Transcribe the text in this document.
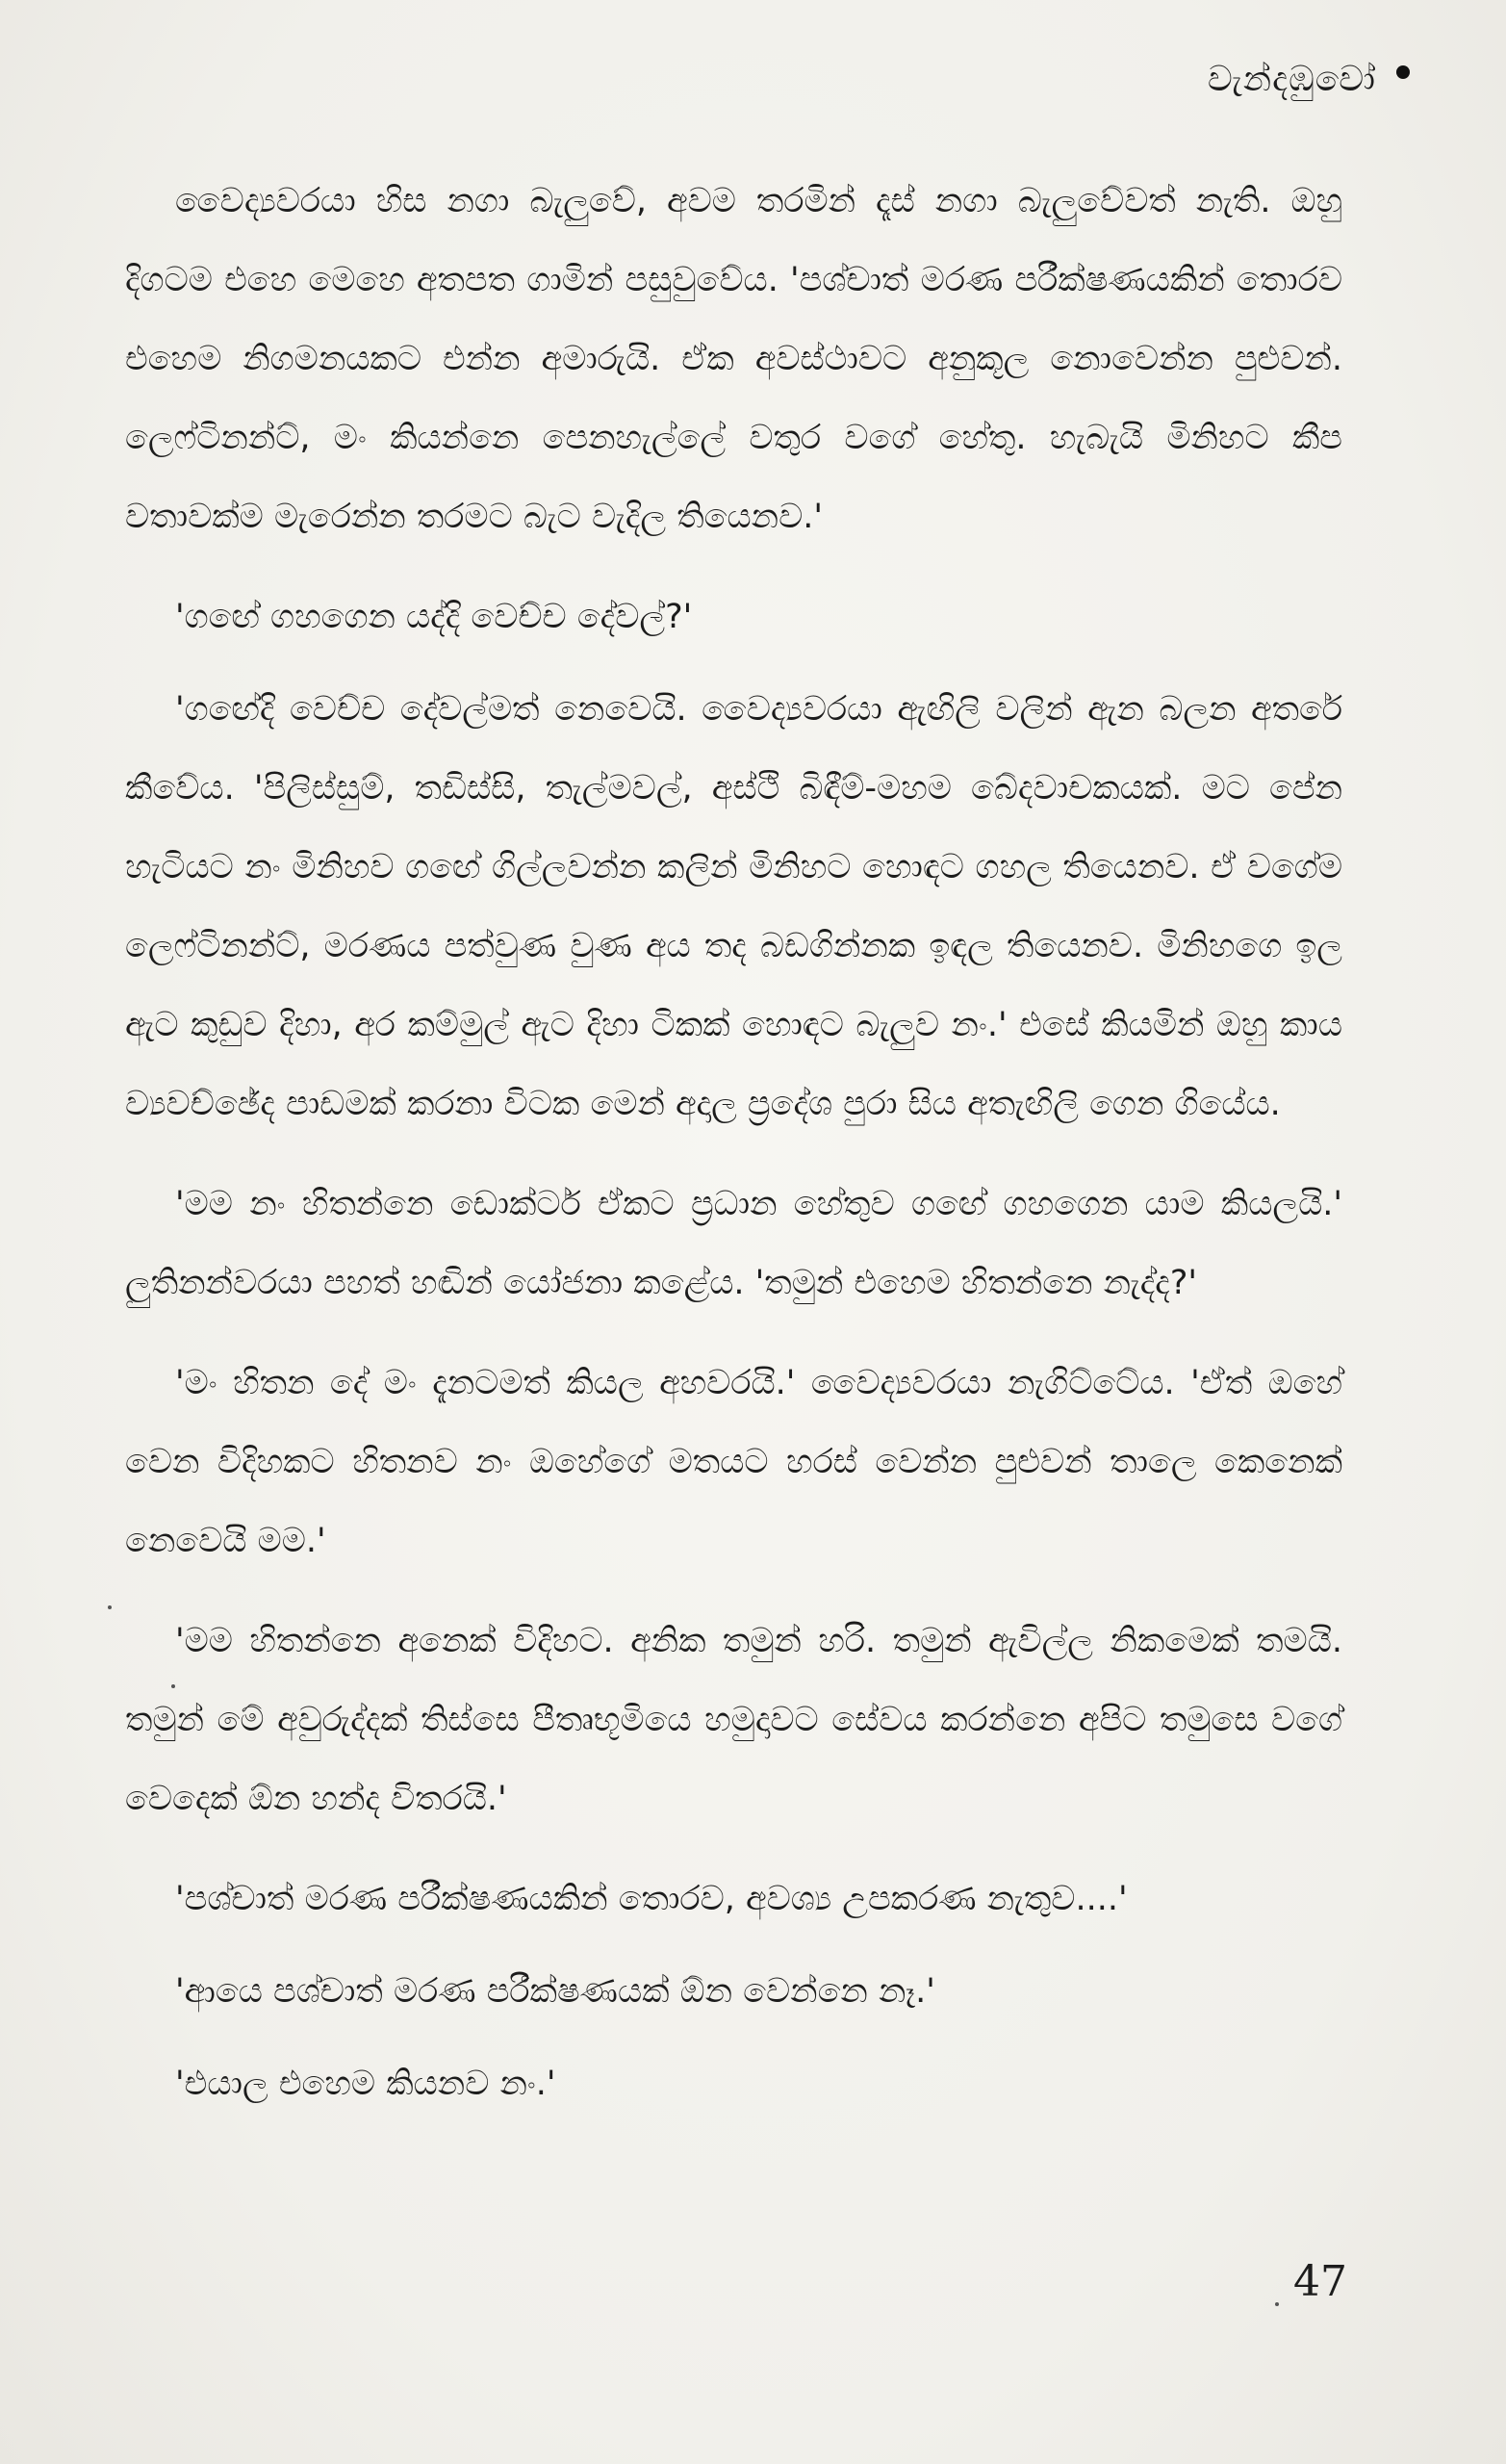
වැන්දඹුවෝ

වෛද්‍යවරයා හිස නගා බැලුවේ, අවම තරමින් දෑස් නගා බැලුවේවත් නැති. ඔහු දිගටම එහෙ මෙහෙ අතපත ගාමින් පසුවුවේය. 'පශ්චාත් මරණ පරීක්ෂණයකින් තොරව එහෙම නිගමනයකට එන්න අමාරුයි. ඒක අවස්ථාවට අනුකූල නොවෙන්න පුළුවන්. ලෙෆ්ටිනන්ට්, මං කියන්නෙ පෙනහැල්ලේ වතුර වගේ හේතු. හැබැයි මිනිහට කීප වතාවක්ම මැරෙන්න තරමට බැට වැදිල තියෙනව.'

'ගඟේ ගහගෙන යද්දි වෙච්ච දේවල්?'

'ගඟේදි වෙච්ච දේවල්මත් නෙවෙයි. වෛද්‍යවරයා ඇඟිලි වලින් ඇන බලන අතරේ කීවේය. 'පිලිස්සුම්, තඩිස්සි, තැල්මවල්, අස්ථි බිඳීම්-මහම බේදවාචකයක්. මට පේන හැටියට නං මිනිහව ගඟේ ගිල්ලවන්න කලින් මිනිහට හොඳට ගහල තියෙනව. ඒ වගේම ලෙෆ්ටිනන්ට්, මරණය පත්වුණ වුණ අය තද බඩගින්නක ඉඳල තියෙනව. මිනිහගෙ ඉල ඇට කුඩුව දිහා, අර කම්මුල් ඇට දිහා ටිකක් හොඳට බැලුව නං.' එසේ කියමින් ඔහු කාය ව්‍යවච්ඡේද පාඩමක් කරනා විටක මෙන් අදාල ප්‍රදේශ පුරා සිය අතැඟිලි ගෙන ගියේය.

'මම නං හිතන්නෙ ඩොක්ටර් ඒකට ප්‍රධාන හේතුව ගඟේ ගහගෙන යාම කියලයි.' ලුතිනන්වරයා පහත් හඬින් යෝජනා කළේය. 'තමුන් එහෙම හිතන්නෙ නැද්ද?'

'මං හිතන දේ මං දැනටමත් කියල අහවරයි.' වෛද්‍යවරයා නැගිට්ටේය. 'ඒත් ඔහේ වෙන විදිහකට හිතනව නං ඔහේගේ මතයට හරස් වෙන්න පුළුවන් තාලෙ කෙනෙක් නෙවෙයි මම.'

'මම හිතන්නෙ අනෙක් විදිහට. අනික තමුන් හරි. තමුන් ඇවිල්ල නිකමෙක් තමයි. තමුන් මේ අවුරුද්දක් තිස්සෙ පීතෘභූමියෙ හමුදාවට සේවය කරන්නෙ අපිට තමුසෙ වගේ වෙදෙක් ඕන හන්ද විතරයි.'

'පශ්චාත් මරණ පරීක්ෂණයකින් තොරව, අවශ්‍ය උපකරණ නැතුව....'

'ආයෙ පශ්චාත් මරණ පරීක්ෂණයක් ඕන වෙන්නෙ නෑ.'

'එයාල එහෙම කියනව නං.'

47
